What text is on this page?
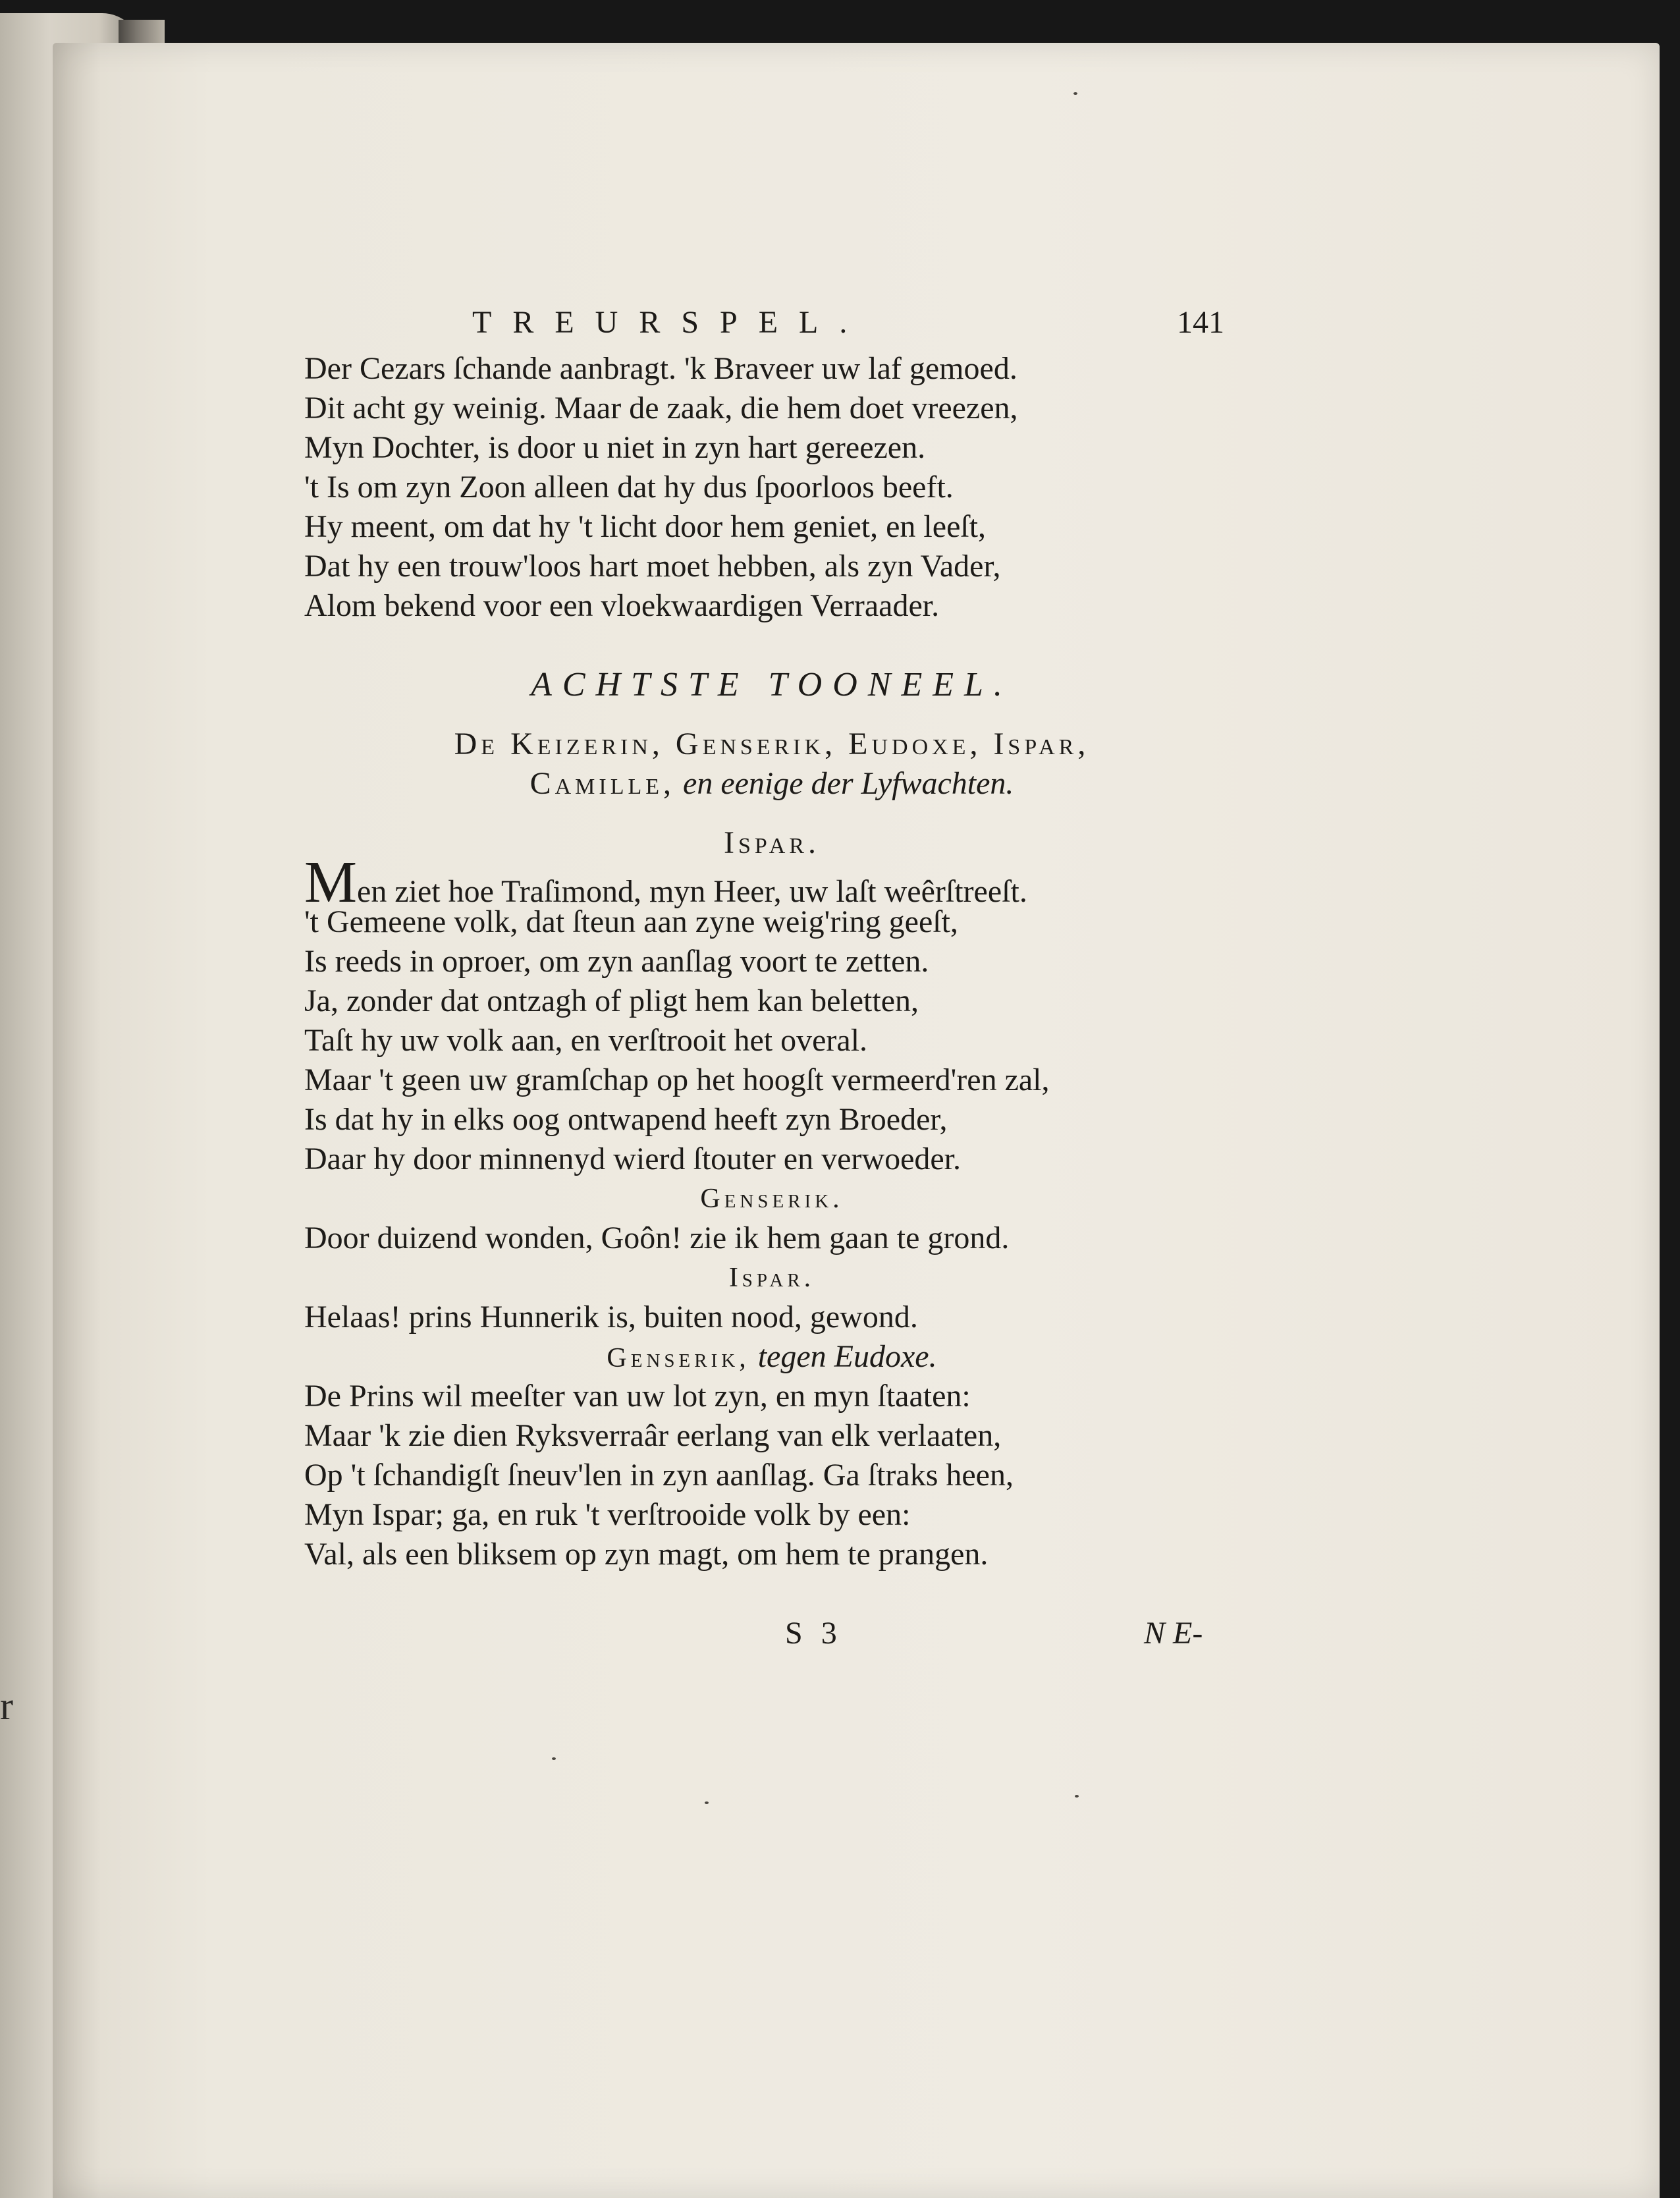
r
TREURSPEL.	141
Der Cezars ſchande aanbragt. 'k Braveer uw laf gemoed.
Dit acht gy weinig. Maar de zaak, die hem doet vreezen,
Myn Dochter, is door u niet in zyn hart gereezen.
't Is om zyn Zoon alleen dat hy dus ſpoorloos beeft.
Hy meent, om dat hy 't licht door hem geniet, en leeſt,
Dat hy een trouw'loos hart moet hebben, als zyn Vader,
Alom bekend voor een vloekwaardigen Verraader.
ACHTSTE TOONEEL.
De Keizerin, Genserik, Eudoxe, Ispar,
Camille, en eenige der Lyfwachten.
Ispar.
Men ziet hoe Traſimond, myn Heer, uw laſt weêrſtreeſt.
't Gemeene volk, dat ſteun aan zyne weig'ring geeſt,
Is reeds in oproer, om zyn aanſlag voort te zetten.
Ja, zonder dat ontzagh of pligt hem kan beletten,
Taſt hy uw volk aan, en verſtrooit het overal.
Maar 't geen uw gramſchap op het hoogſt vermeerd'ren zal,
Is dat hy in elks oog ontwapend heeft zyn Broeder,
Daar hy door minnenyd wierd ſtouter en verwoeder.
Genserik.
Door duizend wonden, Goôn! zie ik hem gaan te grond.
Ispar.
Helaas! prins Hunnerik is, buiten nood, gewond.
Genserik, tegen Eudoxe.
De Prins wil meeſter van uw lot zyn, en myn ſtaaten:
Maar 'k zie dien Ryksverraâr eerlang van elk verlaaten,
Op 't ſchandigſt ſneuv'len in zyn aanſlag. Ga ſtraks heen,
Myn Ispar; ga, en ruk 't verſtrooide volk by een:
Val, als een bliksem op zyn magt, om hem te prangen.
S 3	N E-
